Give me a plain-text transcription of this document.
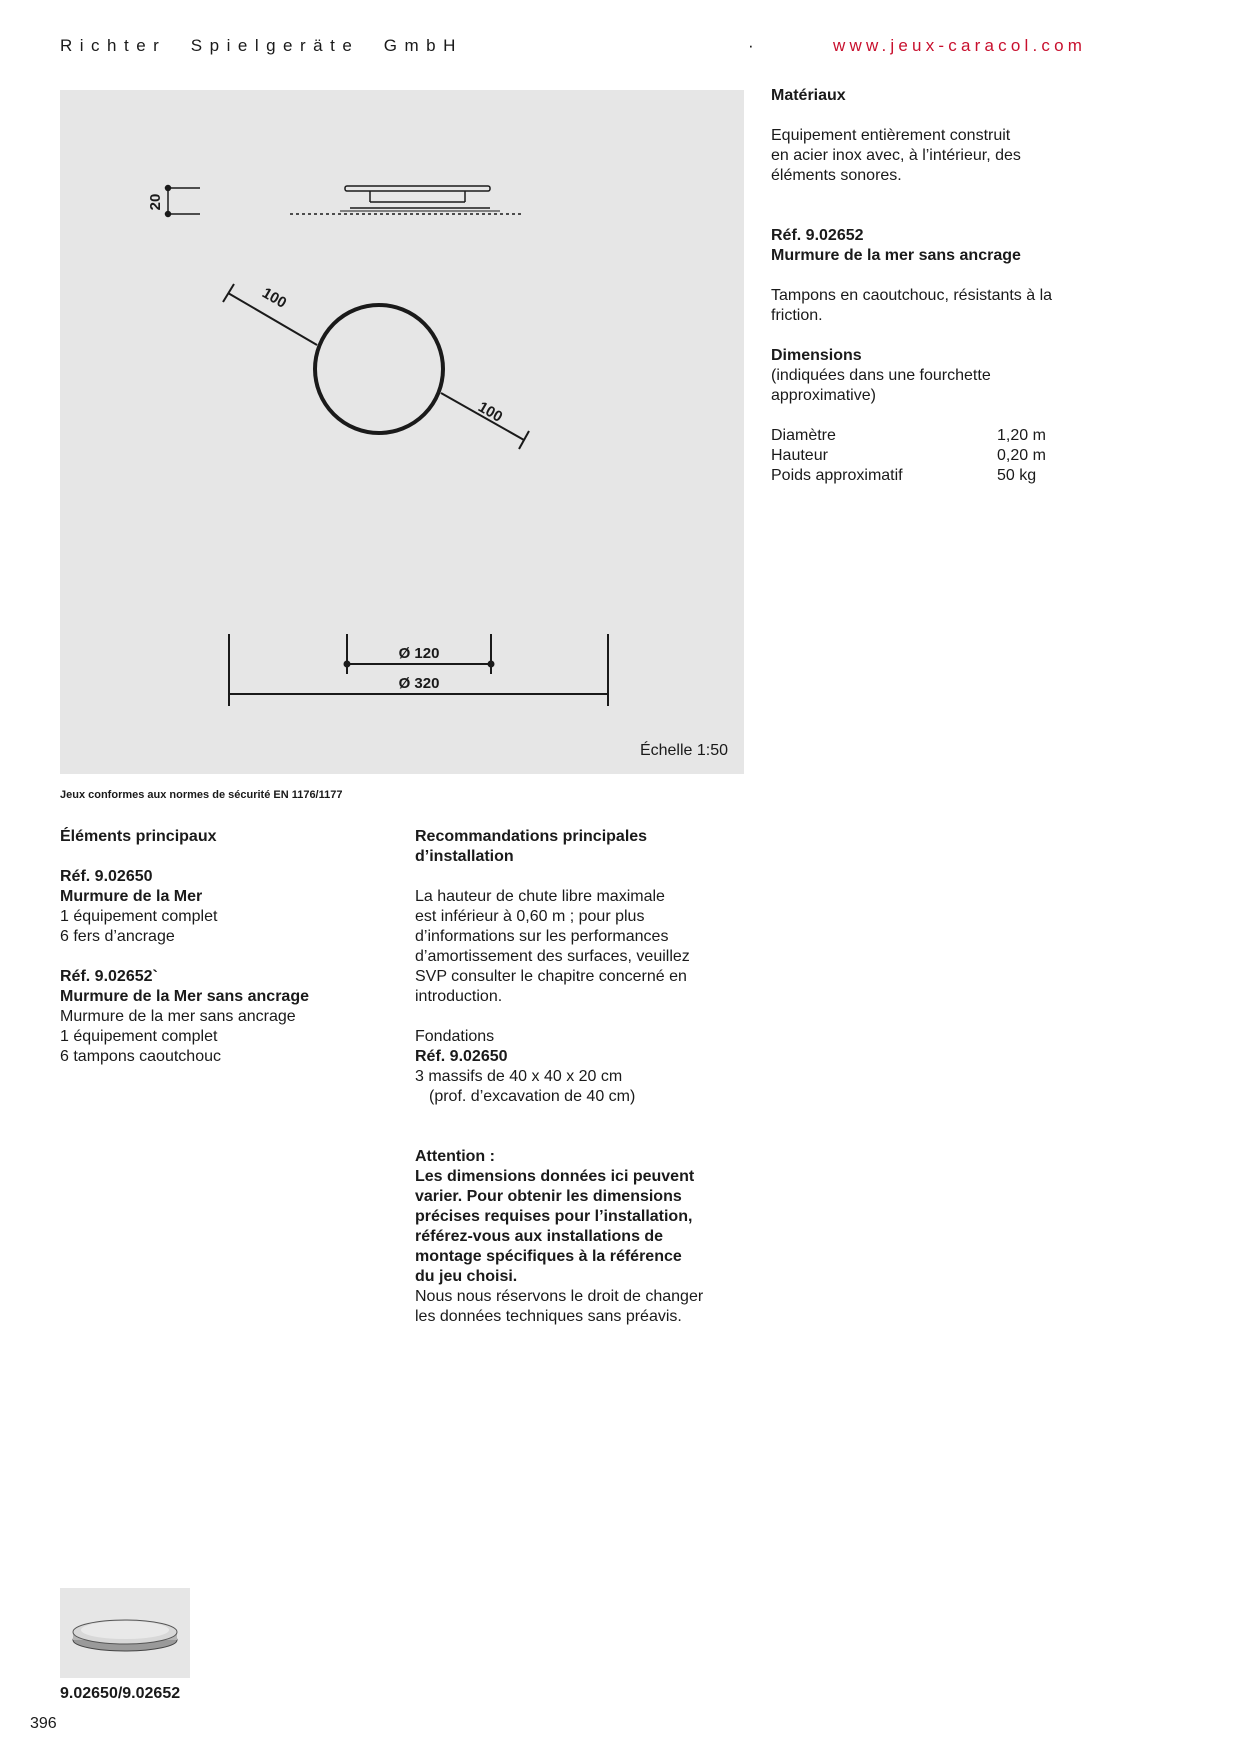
Richter  Spielgeräte  GmbH	·	www.jeux-caracol.com
20
100
100
Ø 120
Ø 320
Échelle 1:50
Jeux conformes aux normes de sécurité EN 1176/1177
Éléments principaux
Réf. 9.02650
Murmure de la Mer
1 équipement complet
6 fers d’ancrage
Réf. 9.02652`
Murmure de la Mer sans ancrage
Murmure de la mer sans ancrage
1 équipement complet
6 tampons caoutchouc
Recommandations principales
d’installation
La hauteur de chute libre maximale
est inférieur à 0,60 m ; pour plus
d’informations sur les performances
d’amortissement des surfaces, veuillez
SVP consulter le chapitre concerné en
introduction.
Fondations
Réf. 9.02650
3 massifs de 40 x 40 x 20 cm
(prof. d’excavation de 40 cm)
Attention :
Les dimensions données ici peuvent
varier. Pour obtenir les dimensions
précises requises pour l’installation,
référez-vous aux installations de
montage spécifiques à la référence
du jeu choisi.
Nous nous réservons le droit de changer
les données techniques sans préavis.
Matériaux
Equipement entièrement construit
en acier inox avec, à l’intérieur, des
éléments sonores.
Réf. 9.02652
Murmure de la mer sans ancrage
Tampons en caoutchouc, résistants à la
friction.
Dimensions
(indiquées dans une fourchette
approximative)
Diamètre	1,20 m
Hauteur	0,20 m
Poids approximatif	50 kg
9.02650/9.02652
396
